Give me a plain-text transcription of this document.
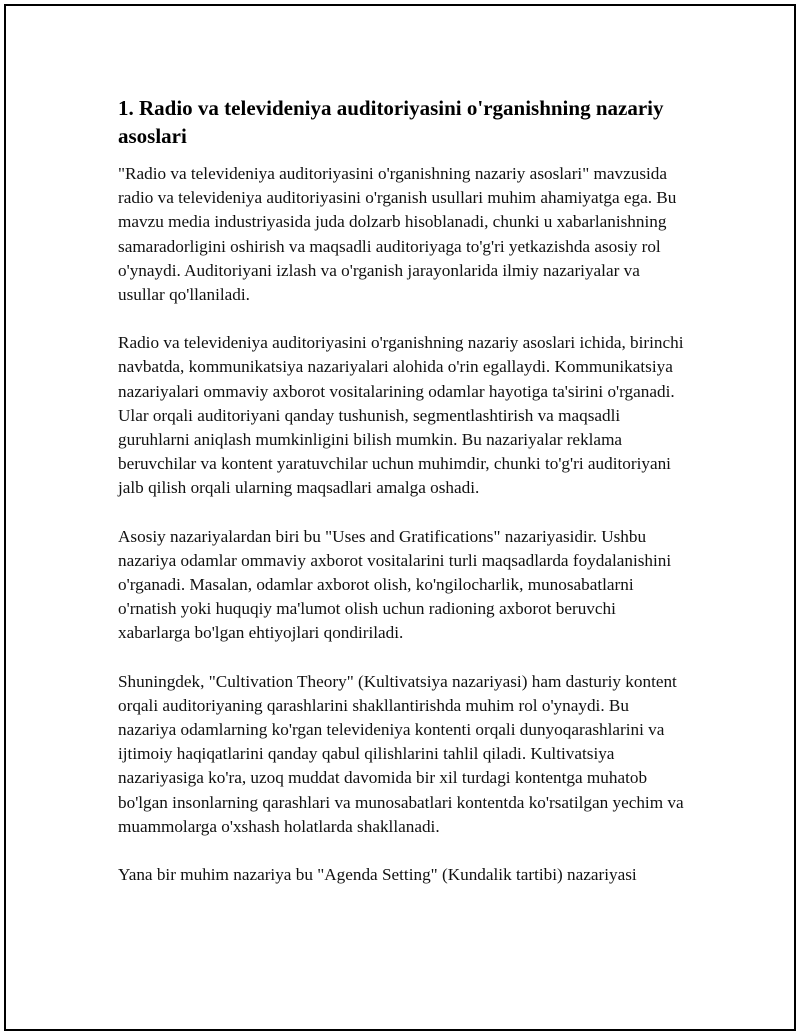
1. Radio va televideniya auditoriyasini o'rganishning nazariy asoslari

"Radio va televideniya auditoriyasini o'rganishning nazariy asoslari" mavzusida radio va televideniya auditoriyasini o'rganish usullari muhim ahamiyatga ega. Bu mavzu media industriyasida juda dolzarb hisoblanadi, chunki u xabarlanishning samaradorligini oshirish va maqsadli auditoriyaga to'g'ri yetkazishda asosiy rol o'ynaydi. Auditoriyani izlash va o'rganish jarayonlarida ilmiy nazariyalar va usullar qo'llaniladi.

Radio va televideniya auditoriyasini o'rganishning nazariy asoslari ichida, birinchi navbatda, kommunikatsiya nazariyalari alohida o'rin egallaydi. Kommunikatsiya nazariyalari ommaviy axborot vositalarining odamlar hayotiga ta'sirini o'rganadi. Ular orqali auditoriyani qanday tushunish, segmentlashtirish va maqsadli guruhlarni aniqlash mumkinligini bilish mumkin. Bu nazariyalar reklama beruvchilar va kontent yaratuvchilar uchun muhimdir, chunki to'g'ri auditoriyani jalb qilish orqali ularning maqsadlari amalga oshadi.

Asosiy nazariyalardan biri bu "Uses and Gratifications" nazariyasidir. Ushbu nazariya odamlar ommaviy axborot vositalarini turli maqsadlarda foydalanishini o'rganadi. Masalan, odamlar axborot olish, ko'ngilocharlik, munosabatlarni o'rnatish yoki huquqiy ma'lumot olish uchun radioning axborot beruvchi xabarlarga bo'lgan ehtiyojlari qondiriladi.

Shuningdek, "Cultivation Theory" (Kultivatsiya nazariyasi) ham dasturiy kontent orqali auditoriyaning qarashlarini shakllantirishda muhim rol o'ynaydi. Bu nazariya odamlarning ko'rgan televideniya kontenti orqali dunyoqarashlarini va ijtimoiy haqiqatlarini qanday qabul qilishlarini tahlil qiladi. Kultivatsiya nazariyasiga ko'ra, uzoq muddat davomida bir xil turdagi kontentga muhatob bo'lgan insonlarning qarashlari va munosabatlari kontentda ko'rsatilgan yechim va muammolarga o'xshash holatlarda shakllanadi.

Yana bir muhim nazariya bu "Agenda Setting" (Kundalik tartibi) nazariyasi
